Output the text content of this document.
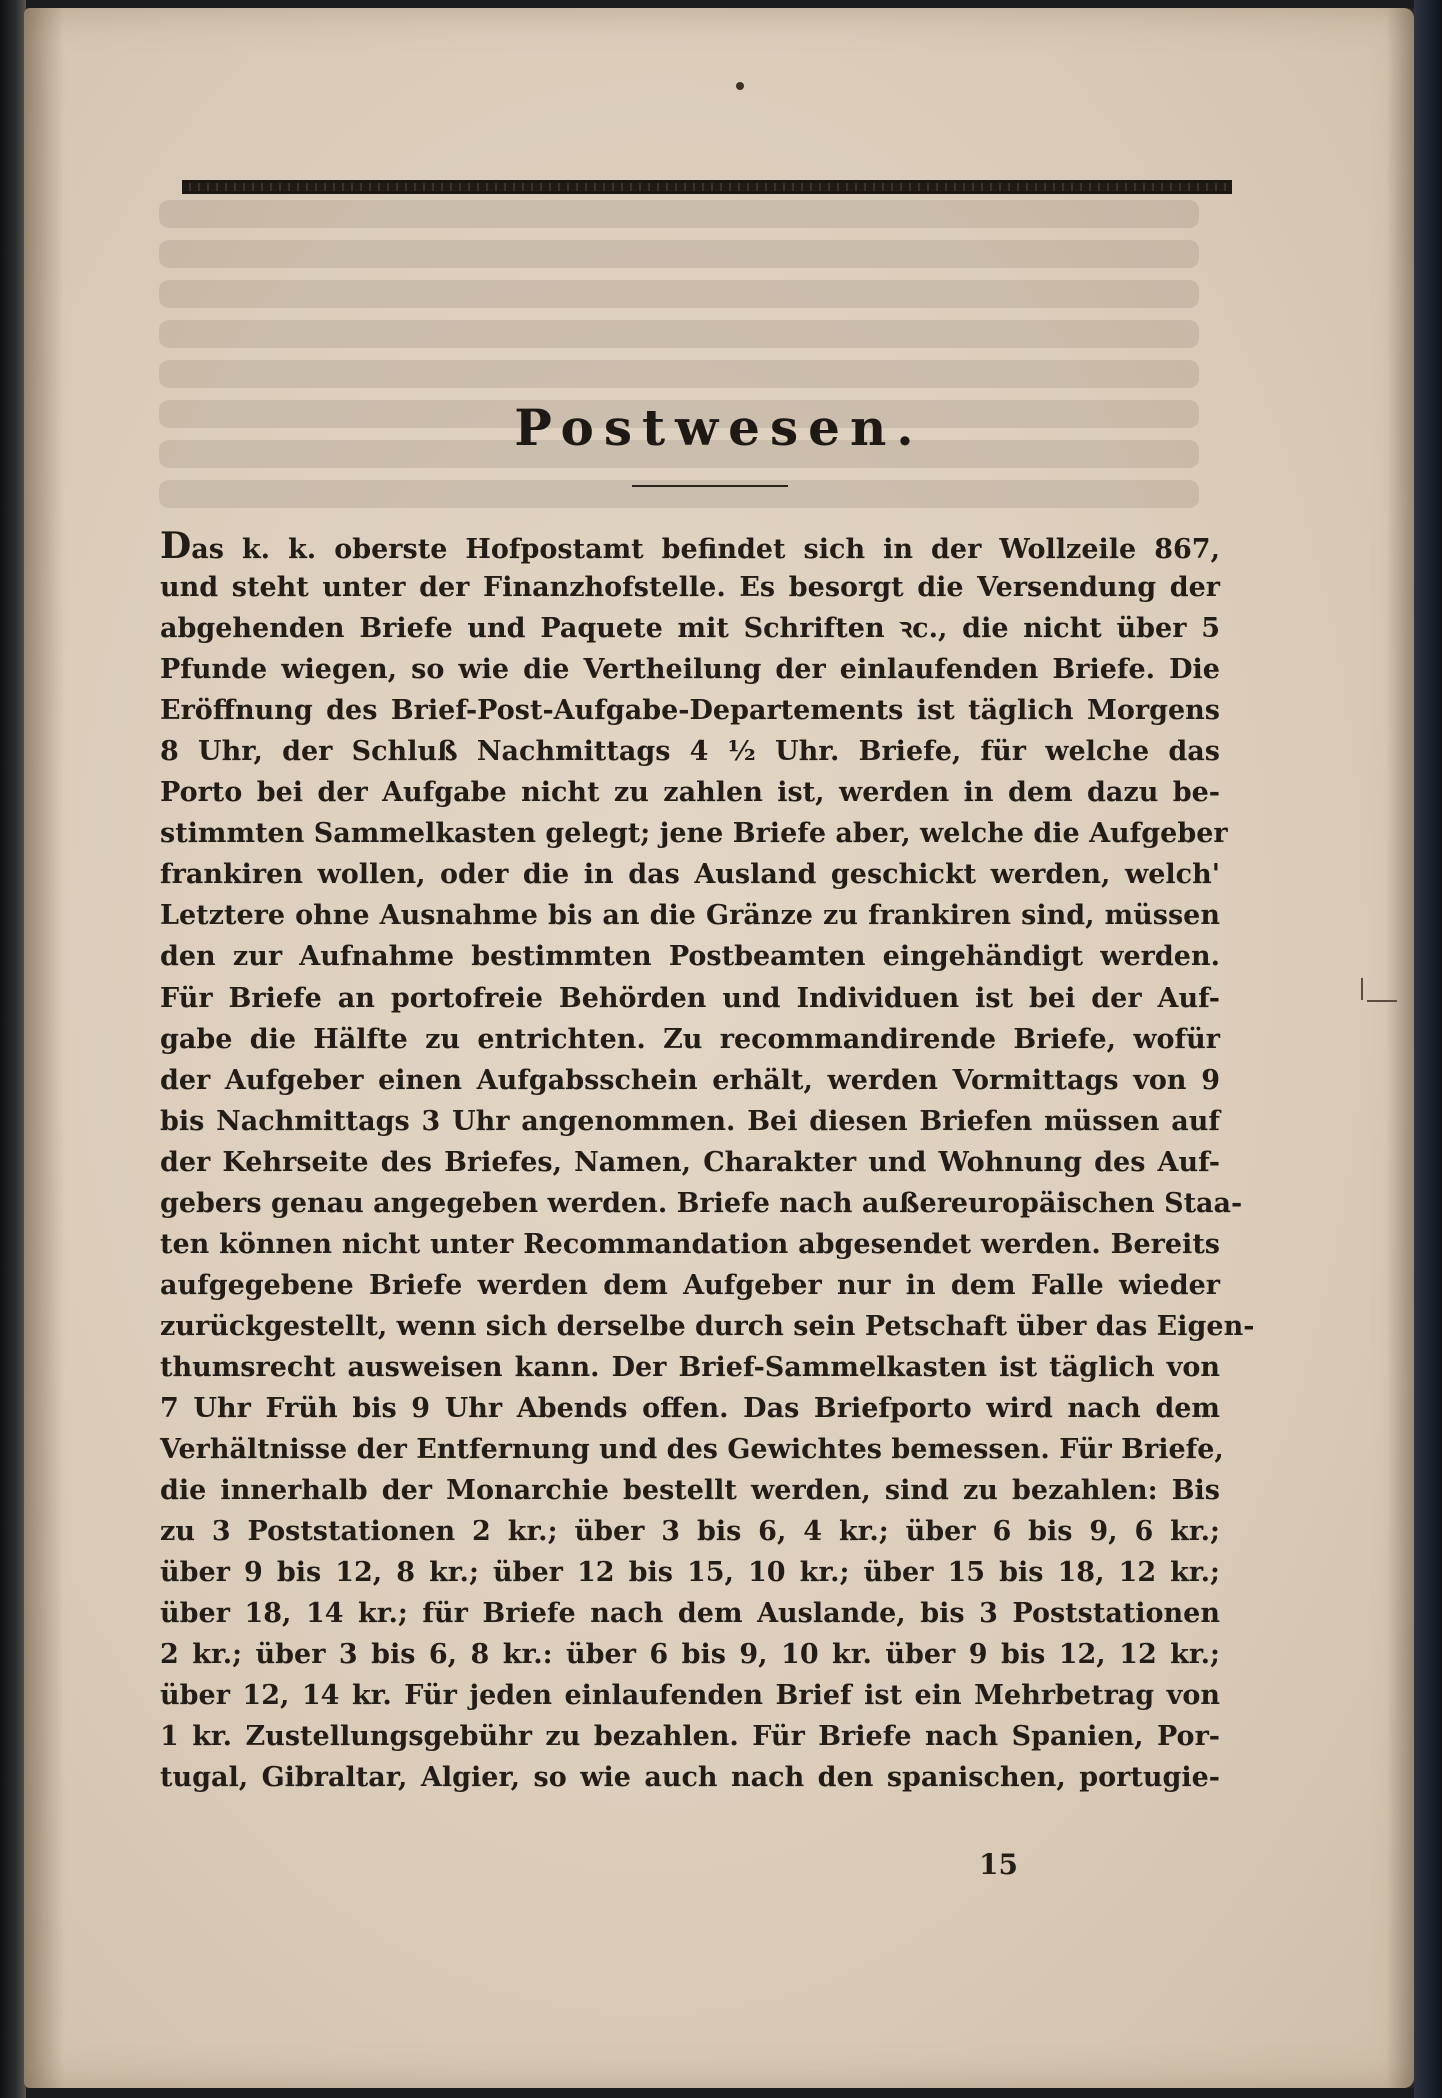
Postwesen.
Das k. k. oberste Hofpostamt befindet sich in der Wollzeile 867,
und steht unter der Finanzhofstelle. Es besorgt die Versendung der
abgehenden Briefe und Paquete mit Schriften ꝛc., die nicht über 5
Pfunde wiegen, so wie die Vertheilung der einlaufenden Briefe. Die
Eröffnung des Brief-Post-Aufgabe-Departements ist täglich Morgens
8 Uhr, der Schluß Nachmittags 4 ½ Uhr. Briefe, für welche das
Porto bei der Aufgabe nicht zu zahlen ist, werden in dem dazu be-
stimmten Sammelkasten gelegt; jene Briefe aber, welche die Aufgeber
frankiren wollen, oder die in das Ausland geschickt werden, welch'
Letztere ohne Ausnahme bis an die Gränze zu frankiren sind, müssen
den zur Aufnahme bestimmten Postbeamten eingehändigt werden.
Für Briefe an portofreie Behörden und Individuen ist bei der Auf-
gabe die Hälfte zu entrichten. Zu recommandirende Briefe, wofür
der Aufgeber einen Aufgabsschein erhält, werden Vormittags von 9
bis Nachmittags 3 Uhr angenommen. Bei diesen Briefen müssen auf
der Kehrseite des Briefes, Namen, Charakter und Wohnung des Auf-
gebers genau angegeben werden. Briefe nach außereuropäischen Staa-
ten können nicht unter Recommandation abgesendet werden. Bereits
aufgegebene Briefe werden dem Aufgeber nur in dem Falle wieder
zurückgestellt, wenn sich derselbe durch sein Petschaft über das Eigen-
thumsrecht ausweisen kann. Der Brief-Sammelkasten ist täglich von
7 Uhr Früh bis 9 Uhr Abends offen. Das Briefporto wird nach dem
Verhältnisse der Entfernung und des Gewichtes bemessen. Für Briefe,
die innerhalb der Monarchie bestellt werden, sind zu bezahlen: Bis
zu 3 Poststationen 2 kr.; über 3 bis 6, 4 kr.; über 6 bis 9, 6 kr.;
über 9 bis 12, 8 kr.; über 12 bis 15, 10 kr.; über 15 bis 18, 12 kr.;
über 18, 14 kr.; für Briefe nach dem Auslande, bis 3 Poststationen
2 kr.; über 3 bis 6, 8 kr.: über 6 bis 9, 10 kr. über 9 bis 12, 12 kr.;
über 12, 14 kr. Für jeden einlaufenden Brief ist ein Mehrbetrag von
1 kr. Zustellungsgebühr zu bezahlen. Für Briefe nach Spanien, Por-
tugal, Gibraltar, Algier, so wie auch nach den spanischen, portugie-

15
